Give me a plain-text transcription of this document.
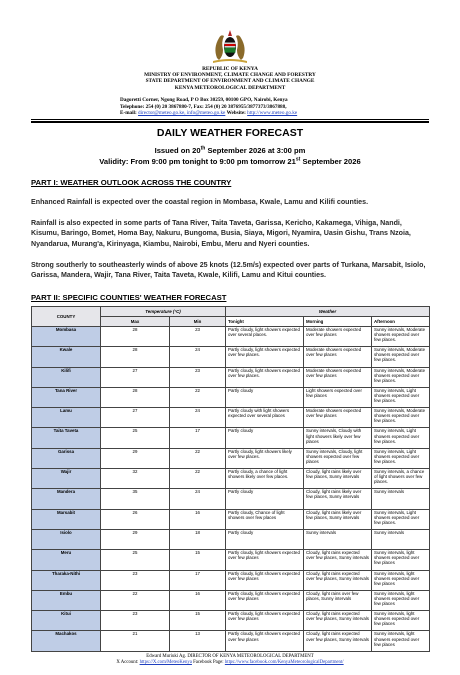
REPUBLIC OF KENYA
MINISTRY OF ENVIRONMENT, CLIMATE CHANGE AND FORESTRY
STATE DEPARTMENT OF ENVIRONMENT AND CLIMATE CHANGE
KENYA METEOROLOGICAL DEPARTMENT
Dagoretti Corner, Ngong Road, P O Box 30259, 00100 GPO, Nairobi, Kenya
Telephone: 254 (0) 20 3867880-7, Fax: 254 (0) 20 3876955/3877373/3867888,
E-mail: director@meteo.go.ke, info@meteo.go.ke Website: http://www.meteo.go.ke
DAILY WEATHER FORECAST
Issued on 20th September 2026 at 3:00 pm
Validity: From 9:00 pm tonight to 9:00 pm tomorrow 21st September 2026
PART I: WEATHER OUTLOOK ACROSS THE COUNTRY
Enhanced Rainfall is expected over the coastal region in Mombasa, Kwale, Lamu and Kilifi counties.
Rainfall is also expected in some parts of Tana River, Taita Taveta, Garissa, Kericho, Kakamega, Vihiga, Nandi, Kisumu, Baringo, Bomet, Homa Bay, Nakuru, Bungoma, Busia, Siaya, Migori, Nyamira, Uasin Gishu, Trans Nzoia, Nyandarua, Murang'a, Kirinyaga, Kiambu, Nairobi, Embu, Meru and Nyeri counties.
Strong southerly to southeasterly winds of above 25 knots (12.5m/s) expected over parts of Turkana, Marsabit, Isiolo, Garissa, Mandera, Wajir, Tana River, Taita Taveta, Kwale, Kilifi, Lamu and Kitui counties.
PART II: SPECIFIC COUNTIES' WEATHER FORECAST
COUNTY	Temperature (°C)		Weather		
	Max	Min	Tonight	Morning	Afternoon
Mombasa	28	23	Partly cloudy, light showers expected over several places.	Moderate showers expected over few places	Sunny intervals, Moderate showers expected over few places.
Kwale	28	24	Partly cloudy, light showers expected over few places.	Moderate showers expected over few places	Sunny intervals, Moderate showers expected over few places.
Kilifi	27	23	Partly cloudy, light showers expected over few places.	Moderate showers expected over few places	Sunny intervals, Moderate showers expected over few places.
Tana River	28	22	Partly cloudy	Light showers expected over few places	Sunny intervals, Light showers expected over few places.
Lamu	27	24	Partly cloudy with light showers expected over several places	Moderate showers expected over few places	Sunny intervals, Moderate showers expected over few places.
Taita Taveta	25	17	Partly cloudy	Sunny intervals, Cloudy with light showers likely over few places	Sunny intervals, Light showers expected over few places.
Garissa	29	22	Partly cloudy, light showers likely over few places.	Sunny intervals, Cloudy, light showers expected over few places	Sunny intervals, Light showers expected over few places.
Wajir	32	22	Partly cloudy, a chance of light showers likely over few places.	Cloudy, light rains likely over few places, Sunny intervals	Sunny intervals, a chance of light showers over few places.
Mandera	35	24	Partly cloudy	Cloudy, light rains likely over few places, Sunny intervals	Sunny intervals
Marsabit	26	16	Partly cloudy, Chance of light showers over few places	Cloudy, light rains likely over few places, Sunny intervals	Sunny intervals, Light showers expected over few places.
Isiolo	29	18	Partly cloudy	Sunny intervals	Sunny intervals
Meru	25	15	Partly cloudy, light showers expected over few places	Cloudy, light rains expected over few places, Sunny intervals	Sunny intervals, light showers expected over few places
Tharaka-Nithi	23	17	Partly cloudy, light showers expected over few places	Cloudy, light rains expected over few places, Sunny intervals	Sunny intervals, light showers expected over few places
Embu	22	16	Partly cloudy, light showers expected over few places	Cloudy, light rains over few places, Sunny intervals	Sunny intervals, light showers expected over few places
Kitui	23	15	Partly cloudy, light showers expected over few places	Cloudy, light rains expected over few places, Sunny intervals	Sunny intervals, light showers expected over few places
Machakos	21	13	Partly cloudy, light showers expected over few places	Cloudy, light rains expected over few places, Sunny intervals	Sunny intervals, light showers expected over few places
Edward Muriuki Ag. DIRECTOR OF KENYA METEOROLOGICAL DEPARTMENT
X Account: https://X.com/MeteoKenya Facebook Page: https://www.facebook.com/KenyaMeteorologicalDepartment/
